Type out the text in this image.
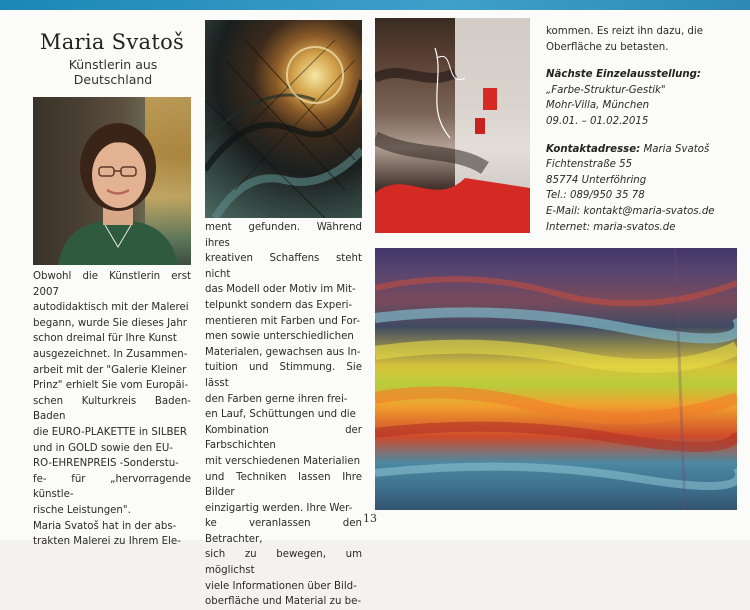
Maria Svatoš
Künstlerin aus
Deutschland

Obwohl die Künstlerin erst 2007

autodidaktisch mit der Malerei

begann, wurde Sie dieses Jahr

schon dreimal für Ihre Kunst

ausgezeichnet. In Zusammen-

arbeit mit der "Galerie Kleiner

Prinz" erhielt Sie vom Europäi-

schen Kulturkreis Baden-Baden

die EURO-PLAKETTE in SILBER

und in GOLD sowie den EU-

RO-EHRENPREIS -Sonderstu-

fe- für „hervorragende künstle-

rische Leistungen".

Maria Svatoš hat in der abs-

trakten Malerei zu Ihrem Ele-

ment gefunden. Während ihres

kreativen Schaffens steht nicht

das Modell oder Motiv im Mit-

telpunkt sondern das Experi-

mentieren mit Farben und For-

men sowie unterschiedlichen

Materialen, gewachsen aus In-

tuition und Stimmung. Sie lässt

den Farben gerne ihren frei-

en Lauf, Schüttungen und die

Kombination der Farbschichten

mit verschiedenen Materialien

und Techniken lassen Ihre Bilder

einzigartig werden. Ihre Wer-

ke veranlassen den Betrachter,

sich zu bewegen, um möglichst

viele Informationen über Bild-

oberfläche und Material zu be-

kommen. Es reizt ihn dazu, die

Oberfläche zu betasten.

Nächste Einzelausstellung:

„Farbe-Struktur-Gestik"

Mohr-Villa, München

09.01. – 01.02.2015

Kontaktadresse: Maria Svatoš

Fichtenstraße 55

85774 Unterföhring

Tel.: 089/950 35 78

E-Mail: kontakt@maria-svatos.de

Internet: maria-svatos.de

13
